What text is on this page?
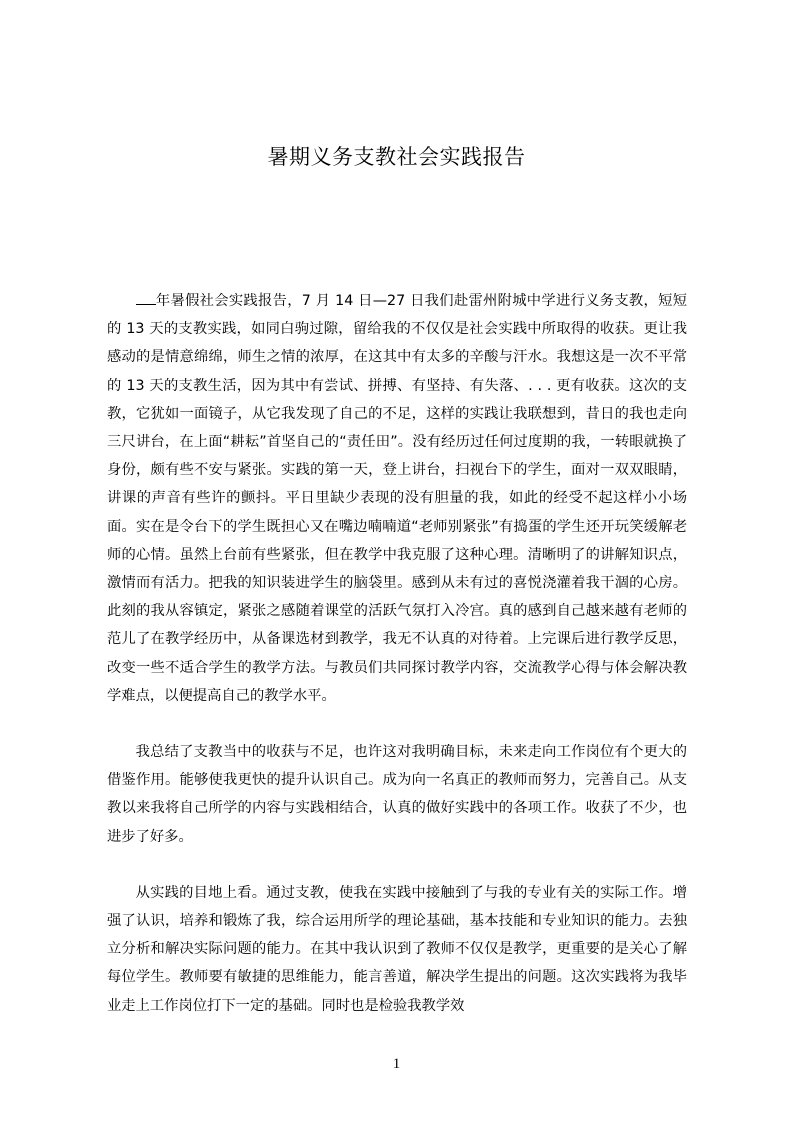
暑期义务支教社会实践报告

年暑假社会实践报告，7 月 14 日—27 日我们赴雷州附城中学进行义务支教，短短的 13 天的支教实践，如同白驹过隙，留给我的不仅仅是社会实践中所取得的收获。更让我感动的是情意绵绵，师生之情的浓厚，在这其中有太多的辛酸与汗水。我想这是一次不平常的 13 天的支教生活，因为其中有尝试、拼搏、有坚持、有失落、. . . 更有收获。这次的支教，它犹如一面镜子，从它我发现了自己的不足，这样的实践让我联想到，昔日的我也走向三尺讲台，在上面“耕耘”首坚自己的“责任田”。没有经历过任何过度期的我，一转眼就换了身份，颇有些不安与紧张。实践的第一天，登上讲台，扫视台下的学生，面对一双双眼睛，讲课的声音有些许的颤抖。平日里缺少表现的没有胆量的我，如此的经受不起这样小小场面。实在是令台下的学生既担心又在嘴边喃喃道“老师别紧张”有捣蛋的学生还开玩笑缓解老师的心情。虽然上台前有些紧张，但在教学中我克服了这种心理。清晰明了的讲解知识点，激情而有活力。把我的知识装进学生的脑袋里。感到从未有过的喜悦浇灌着我干涸的心房。此刻的我从容镇定，紧张之感随着课堂的活跃气氛打入冷宫。真的感到自己越来越有老师的范儿了在教学经历中，从备课选材到教学，我无不认真的对待着。上完课后进行教学反思，改变一些不适合学生的教学方法。与教员们共同探讨教学内容，交流教学心得与体会解决教学难点，以便提高自己的教学水平。

我总结了支教当中的收获与不足，也许这对我明确目标，未来走向工作岗位有个更大的借鉴作用。能够使我更快的提升认识自己。成为向一名真正的教师而努力，完善自己。从支教以来我将自己所学的内容与实践相结合，认真的做好实践中的各项工作。收获了不少，也进步了好多。

从实践的目地上看。通过支教，使我在实践中接触到了与我的专业有关的实际工作。增强了认识，培养和锻炼了我，综合运用所学的理论基础，基本技能和专业知识的能力。去独立分析和解决实际问题的能力。在其中我认识到了教师不仅仅是教学，更重要的是关心了解每位学生。教师要有敏捷的思维能力，能言善道，解决学生提出的问题。这次实践将为我毕业走上工作岗位打下一定的基础。同时也是检验我教学效

1
